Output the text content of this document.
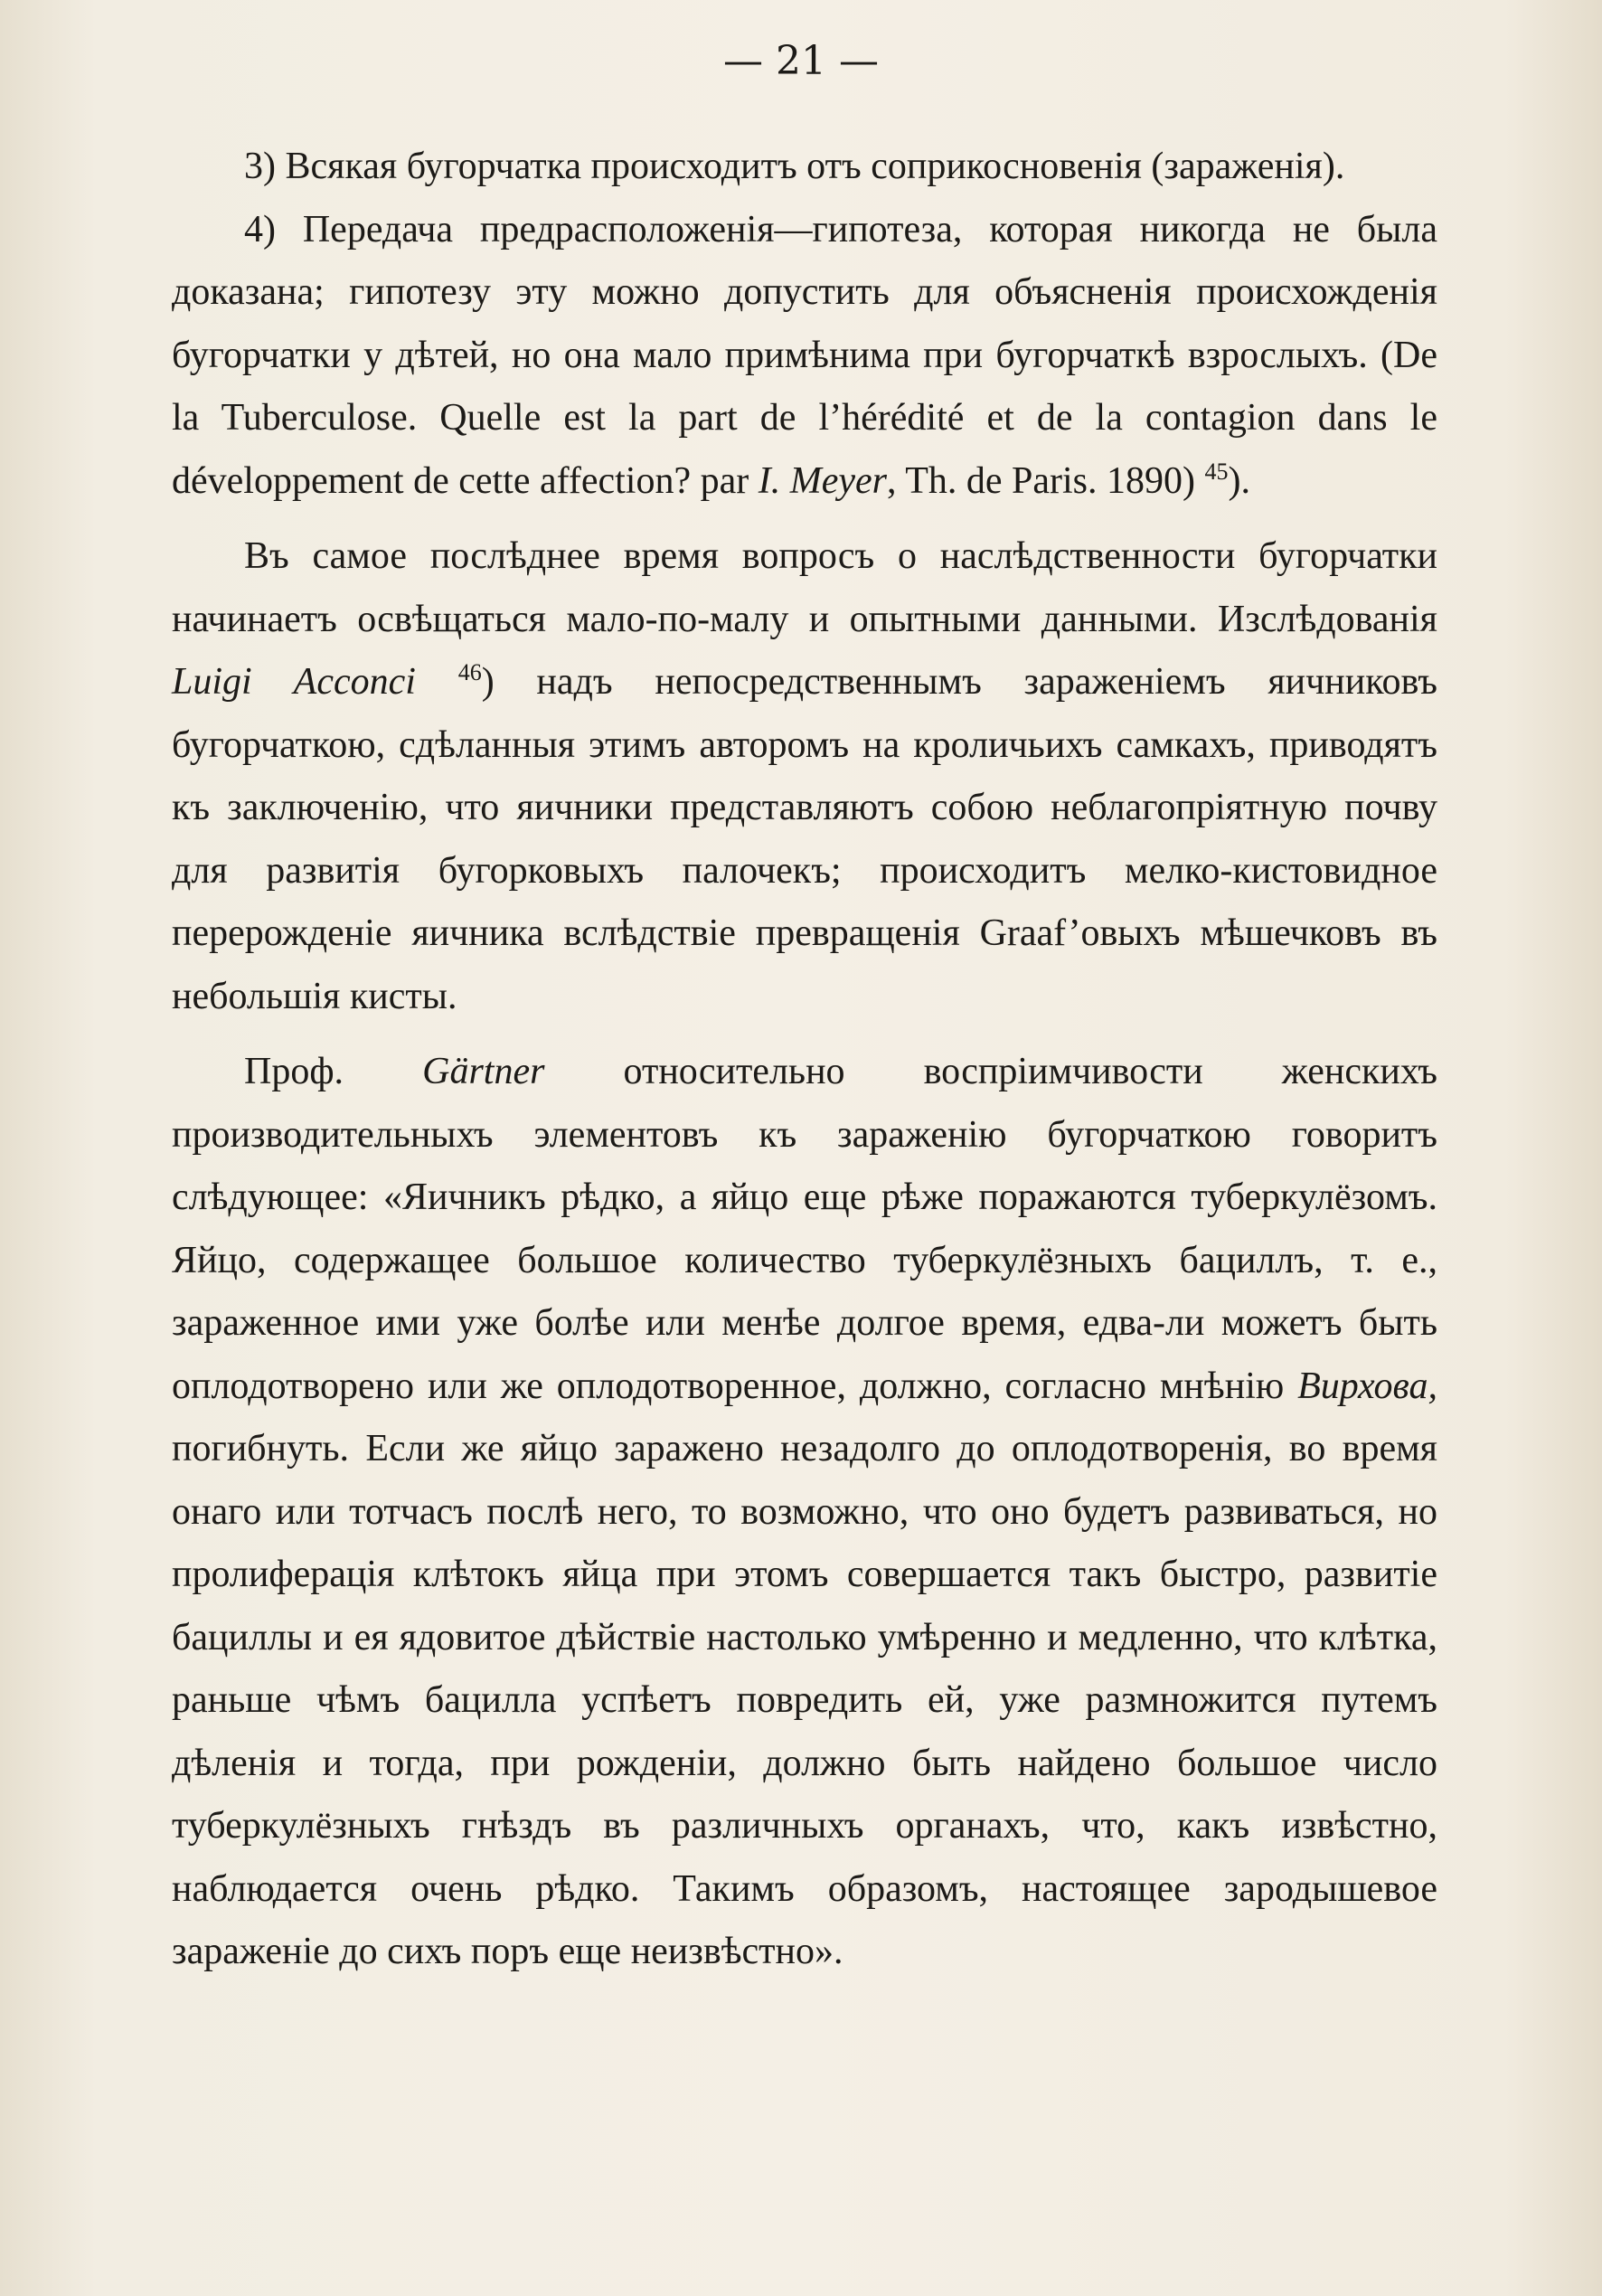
— 21 —

3) Всякая бугорчатка происходитъ отъ соприкосновенія (зараженія).

4) Передача предрасположенія—гипотеза, которая никогда не была доказана; гипотезу эту можно допустить для объясненія происхожденія бугорчатки у дѣтей, но она мало примѣнима при бугорчаткѣ взрослыхъ. (De la Tuberculose. Quelle est la part de l’hérédité et de la contagion dans le développement de cette affection? par I. Meyer, Th. de Paris. 1890) $^{45}$).

Въ самое послѣднее время вопросъ о наслѣдственности бугорчатки начинаетъ освѣщаться мало-по-малу и опытными данными. Изслѣдованія Luigi Acconci $^{46}$) надъ непосредственнымъ зараженіемъ яичниковъ бугорчаткою, сдѣланныя этимъ авторомъ на кроличьихъ самкахъ, приводятъ къ заключенію, что яичники представляютъ собою неблагопріятную почву для развитія бугорковыхъ палочекъ; происходитъ мелко-кистовидное перерожденіе яичника вслѣдствіе превращенія Graaf’овыхъ мѣшечковъ въ небольшія кисты.

Проф. Gärtner относительно воспріимчивости женскихъ производительныхъ элементовъ къ зараженію бугорчаткою говоритъ слѣдующее: «Яичникъ рѣдко, а яйцо еще рѣже поражаются туберкулёзомъ. Яйцо, содержащее большое количество туберкулёзныхъ бациллъ, т. е., зараженное ими уже болѣе или менѣе долгое время, едва-ли можетъ быть оплодотворено или же оплодотворенное, должно, согласно мнѣнію Вирхова, погибнуть. Если же яйцо заражено незадолго до оплодотворенія, во время онаго или тотчасъ послѣ него, то возможно, что оно будетъ развиваться, но пролиферація клѣтокъ яйца при этомъ совершается такъ быстро, развитіе бациллы и ея ядовитое дѣйствіе настолько умѣренно и медленно, что клѣтка, раньше чѣмъ бацилла успѣетъ повредить ей, уже размножится путемъ дѣленія и тогда, при рожденіи, должно быть найдено большое число туберкулёзныхъ гнѣздъ въ различныхъ органахъ, что, какъ извѣстно, наблюдается очень рѣдко. Такимъ образомъ, настоящее зародышевое зараженіе до сихъ поръ еще неизвѣстно».
